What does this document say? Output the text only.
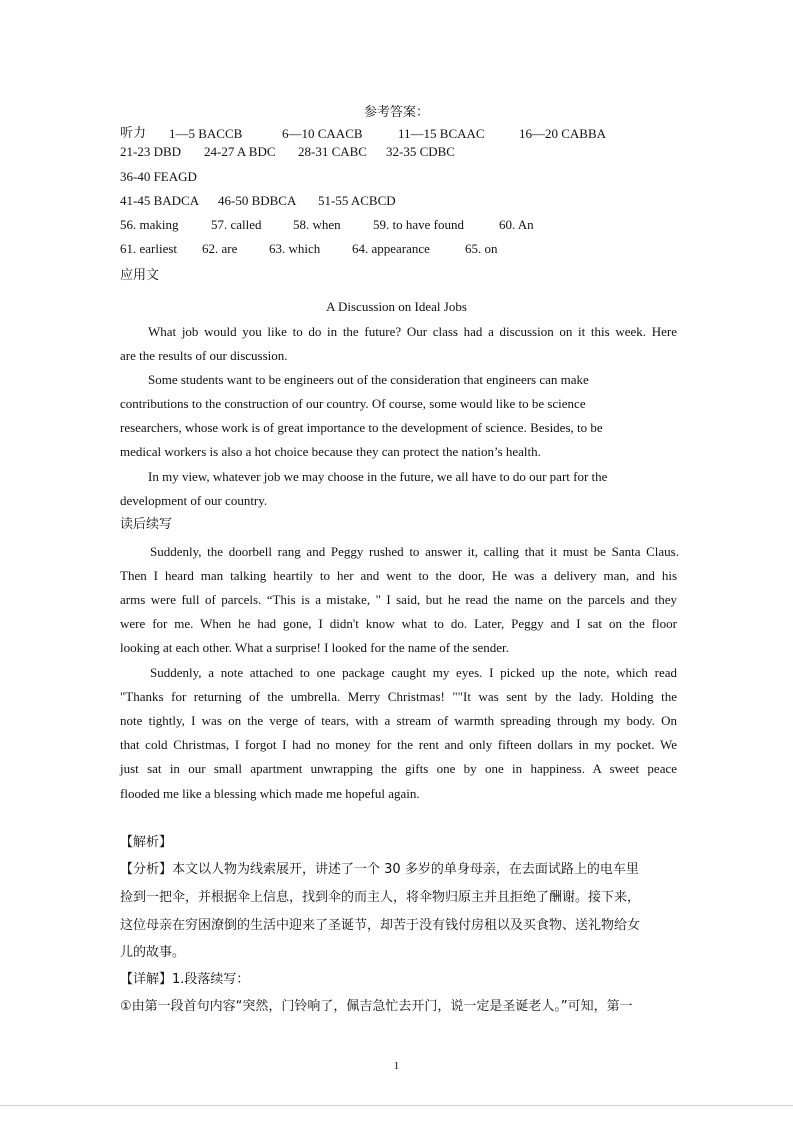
参考答案：
听力 1—5 BACCB	6—10 CAACB	11—15 BCAAC	16—20 CABBA
21-23 DBD 24-27 A BDC 28-31 CABC 32-35 CDBC
36-40 FEAGD
41-45 BADCA 46-50 BDBCA 51-55 ACBCD
56. making	57. called 58. when 59. to have found	60. An
61. earliest 62. are 63. which 64. appearance	65. on
应用文
A Discussion on Ideal Jobs
What job would you like to do in the future? Our class had a discussion on it this week. Here
are the results of our discussion.
Some students want to be engineers out of the consideration that engineers can make
contributions to the construction of our country. Of course, some would like to be science
researchers, whose work is of great importance to the development of science. Besides, to be
medical workers is also a hot choice because they can protect the nation’s health.
In my view, whatever job we may choose in the future, we all have to do our part for the
development of our country.
读后续写
Suddenly, the doorbell rang and Peggy rushed to answer it, calling that it must be Santa Claus.
Then I heard man talking heartily to her and went to the door, He was a delivery man, and his
arms were full of parcels. “This is a mistake, " I said, but he read the name on the parcels and they
were for me. When he had gone, I didn't know what to do. Later, Peggy and I sat on the floor
looking at each other. What a surprise! I looked for the name of the sender.
Suddenly, a note attached to one package caught my eyes. I picked up the note, which read
"Thanks for returning of the umbrella. Merry Christmas! ""It was sent by the lady. Holding the
note tightly, I was on the verge of tears, with a stream of warmth spreading through my body. On
that cold Christmas, I forgot I had no money for the rent and only fifteen dollars in my pocket. We
just sat in our small apartment unwrapping the gifts one by one in happiness. A sweet peace
flooded me like a blessing which made me hopeful again.
【解析】
【分析】本文以人物为线索展开，讲述了一个 30 多岁的单身母亲，在去面试路上的电车里
捡到一把伞，并根据伞上信息，找到伞的而主人，将伞物归原主并且拒绝了酬谢。接下来，
这位母亲在穷困潦倒的生活中迎来了圣诞节，却苦于没有钱付房租以及买食物、送礼物给女
儿的故事。
【详解】1.段落续写：
①由第一段首句内容“突然，门铃响了，佩吉急忙去开门，说一定是圣诞老人。”可知，第一
1
